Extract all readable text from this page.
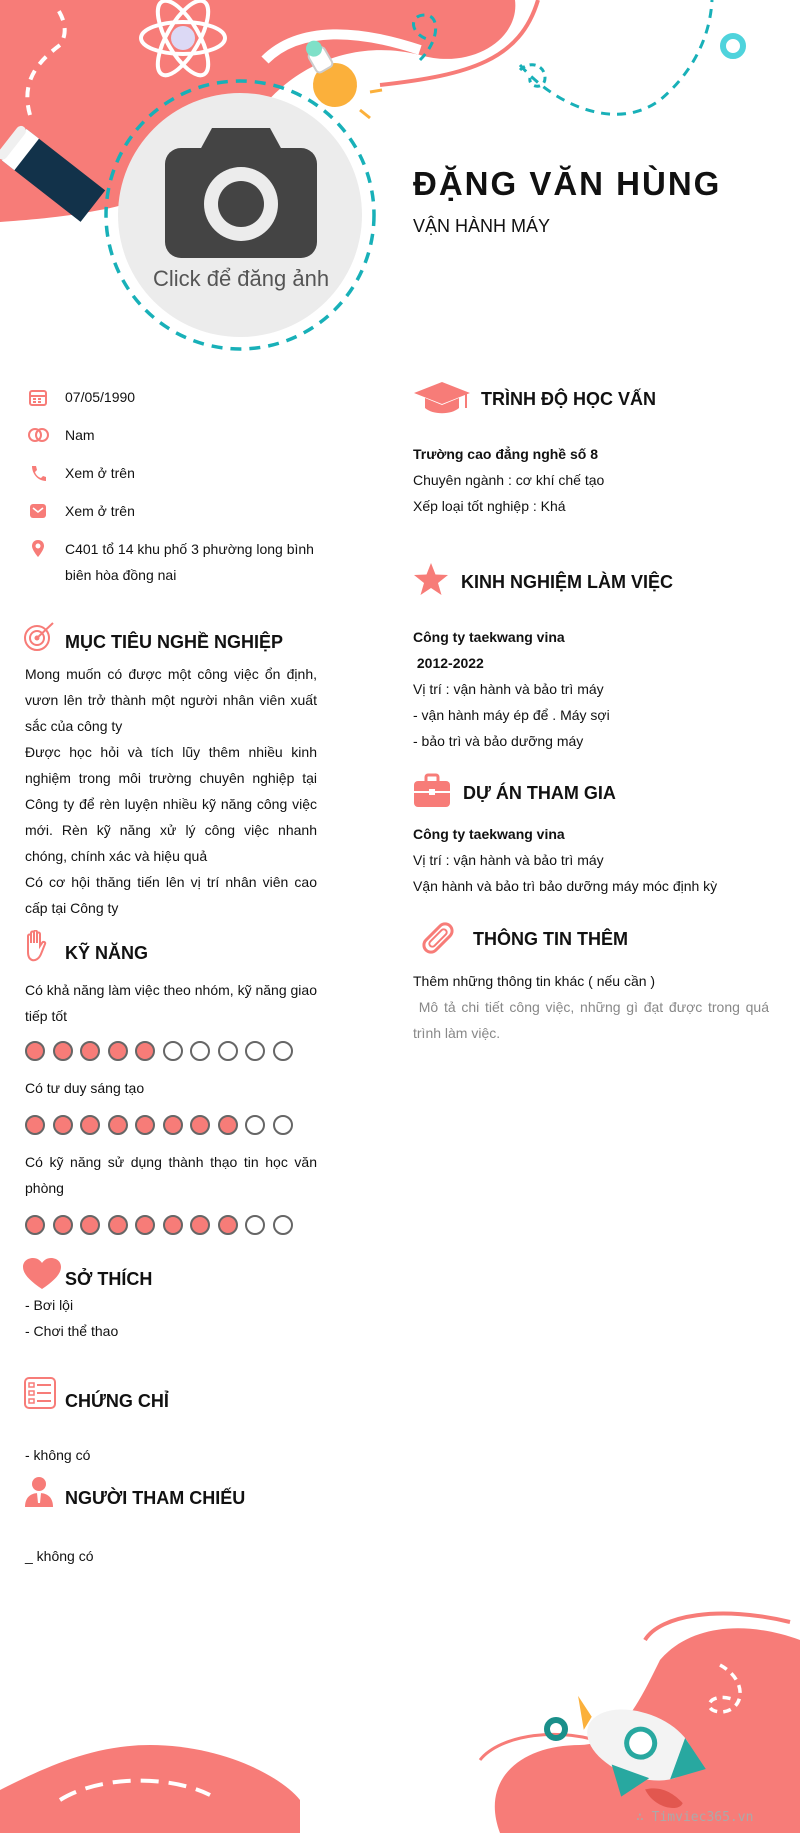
ĐẶNG VĂN HÙNG
VẬN HÀNH MÁY
Click để đăng ảnh
07/05/1990
Nam
Xem ở trên
Xem ở trên
C401 tổ 14 khu phố 3 phường long bình biên hòa đồng nai
MỤC TIÊU NGHỀ NGHIỆP
Mong muốn có được một công việc ổn định, vươn lên trở thành một người nhân viên xuất sắc của công ty
Được học hỏi và tích lũy thêm nhiều kinh nghiệm trong môi trường chuyên nghiệp tại Công ty để rèn luyện nhiều kỹ năng công việc mới. Rèn kỹ năng xử lý công việc nhanh chóng, chính xác và hiệu quả
Có cơ hội thăng tiến lên vị trí nhân viên cao cấp tại Công ty
KỸ NĂNG
Có khả năng làm việc theo nhóm, kỹ năng giao tiếp tốt
Có tư duy sáng tạo
Có kỹ năng sử dụng thành thạo tin học văn phòng
SỞ THÍCH
- Bơi lội
- Chơi thể thao
CHỨNG CHỈ
- không có
NGƯỜI THAM CHIẾU
_ không có
TRÌNH ĐỘ HỌC VẤN
Trường cao đẳng nghề số 8
Chuyên ngành : cơ khí chế tạo
Xếp loại tốt nghiệp : Khá
KINH NGHIỆM LÀM VIỆC
Công ty taekwang vina
2012-2022
Vị trí : vận hành và bảo trì máy
- vận hành máy ép để . Máy sợi
- bảo trì và bảo dưỡng máy
DỰ ÁN THAM GIA
Công ty taekwang vina
Vị trí : vận hành và bảo trì máy
Vận hành và bảo trì bảo dưỡng máy móc định kỳ
THÔNG TIN THÊM
Thêm những thông tin khác ( nếu cần )
Mô tả chi tiết công việc, những gì đạt được trong quá trình làm việc.
∴ Timviec365.vn
